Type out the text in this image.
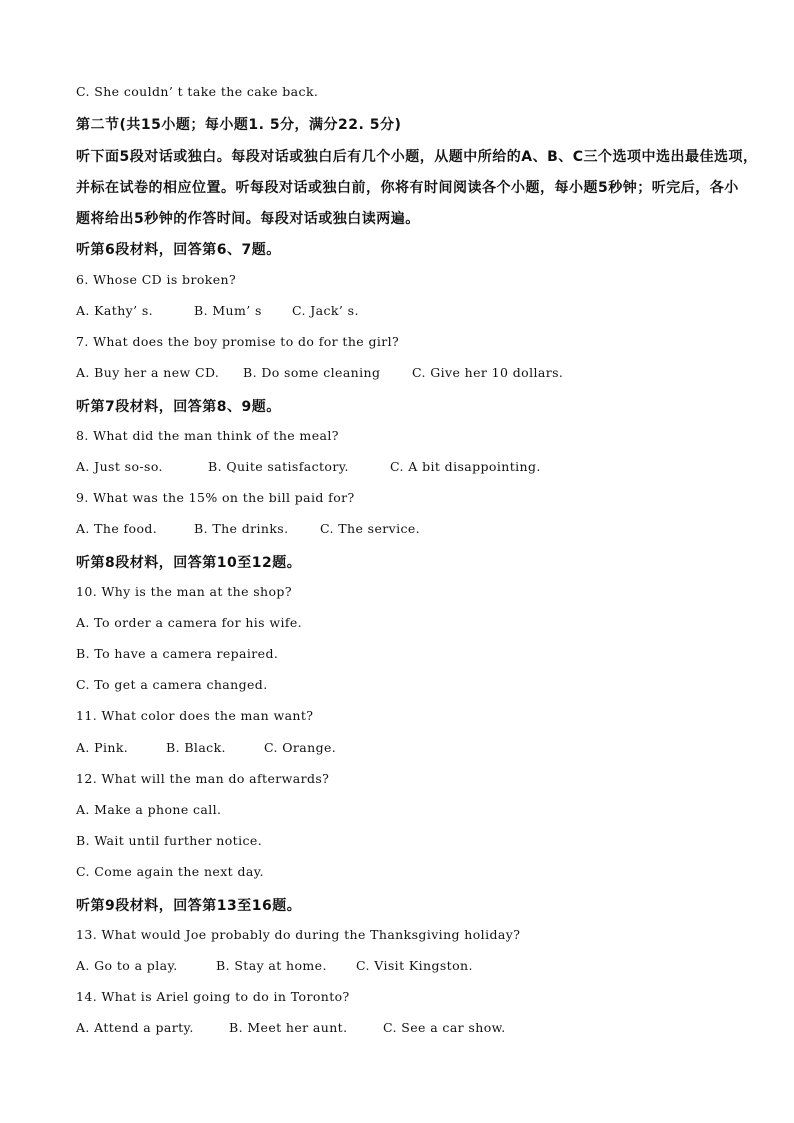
C. She couldn’ t take the cake back.
第二节(共15小题；每小题1. 5分，满分22. 5分)
听下面5段对话或独白。每段对话或独白后有几个小题，从题中所给的A、B、C三个选项中选出最佳选项，
并标在试卷的相应位置。听每段对话或独白前，你将有时间阅读各个小题，每小题5秒钟；听完后，各小
题将给出5秒钟的作答时间。每段对话或独白读两遍。
听第6段材料，回答第6、7题。
6. Whose CD is broken?
A. Kathy’ s.	B. Mum’ s	C. Jack’ s.
7. What does the boy promise to do for the girl?
A. Buy her a new CD.	B. Do some cleaning	C. Give her 10 dollars.
听第7段材料，回答第8、9题。
8. What did the man think of the meal?
A. Just so-so.	B. Quite satisfactory.	C. A bit disappointing.
9. What was the 15% on the bill paid for?
A. The food.	B. The drinks.	C. The service.
听第8段材料，回答第10至12题。
10. Why is the man at the shop?
A. To order a camera for his wife.
B. To have a camera repaired.
C. To get a camera changed.
11. What color does the man want?
A. Pink.	B. Black.	C. Orange.
12. What will the man do afterwards?
A. Make a phone call.
B. Wait until further notice.
C. Come again the next day.
听第9段材料，回答第13至16题。
13. What would Joe probably do during the Thanksgiving holiday?
A. Go to a play.	B. Stay at home.	C. Visit Kingston.
14. What is Ariel going to do in Toronto?
A. Attend a party.	B. Meet her aunt.	C. See a car show.
